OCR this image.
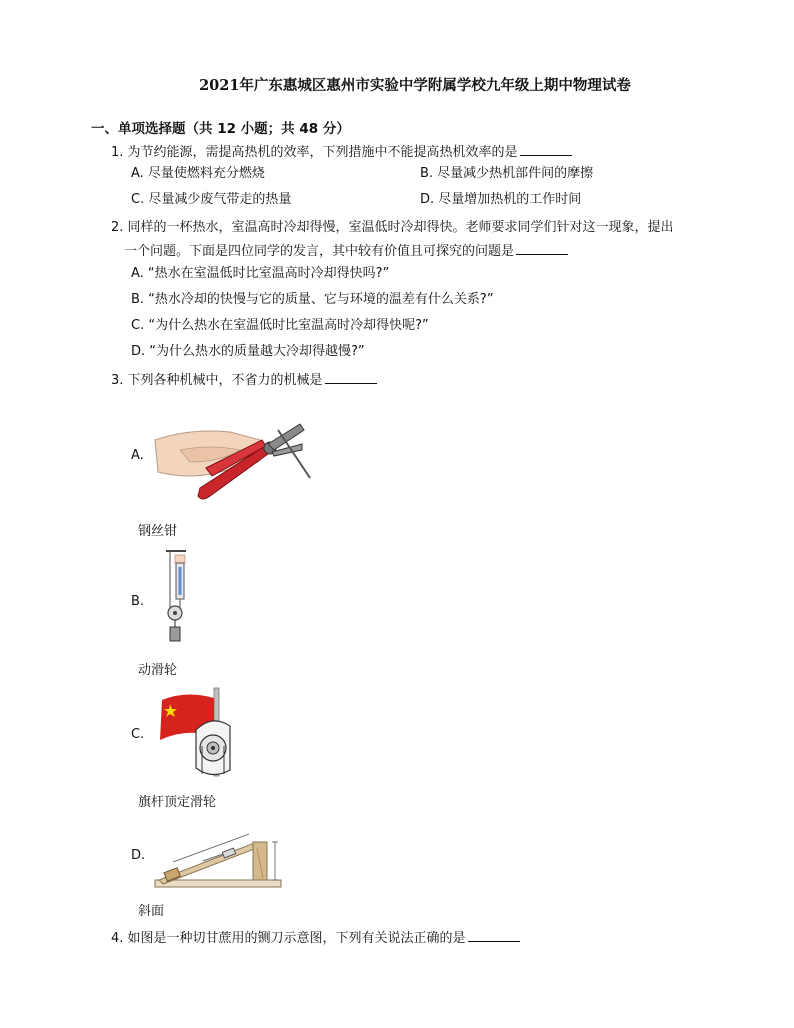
2021年广东惠城区惠州市实验中学附属学校九年级上期中物理试卷
一、单项选择题（共 12 小题；共 48 分）
1. 为节约能源，需提高热机的效率，下列措施中不能提高热机效率的是
A. 尽量使燃料充分燃烧	B. 尽量减少热机部件间的摩擦
C. 尽量减少废气带走的热量	D. 尽量增加热机的工作时间
2. 同样的一杯热水，室温高时冷却得慢，室温低时冷却得快。老师要求同学们针对这一现象，提出
一个问题。下面是四位同学的发言，其中较有价值且可探究的问题是
A. “热水在室温低时比室温高时冷却得快吗?”
B. “热水冷却的快慢与它的质量、它与环境的温差有什么关系?”
C. “为什么热水在室温低时比室温高时冷却得快呢?”
D. “为什么热水的质量越大冷却得越慢?”
3. 下列各种机械中，不省力的机械是
A.
钢丝钳
B.
动滑轮
C.
旗杆顶定滑轮
D.
斜面
4. 如图是一种切甘蔗用的铡刀示意图，下列有关说法正确的是
